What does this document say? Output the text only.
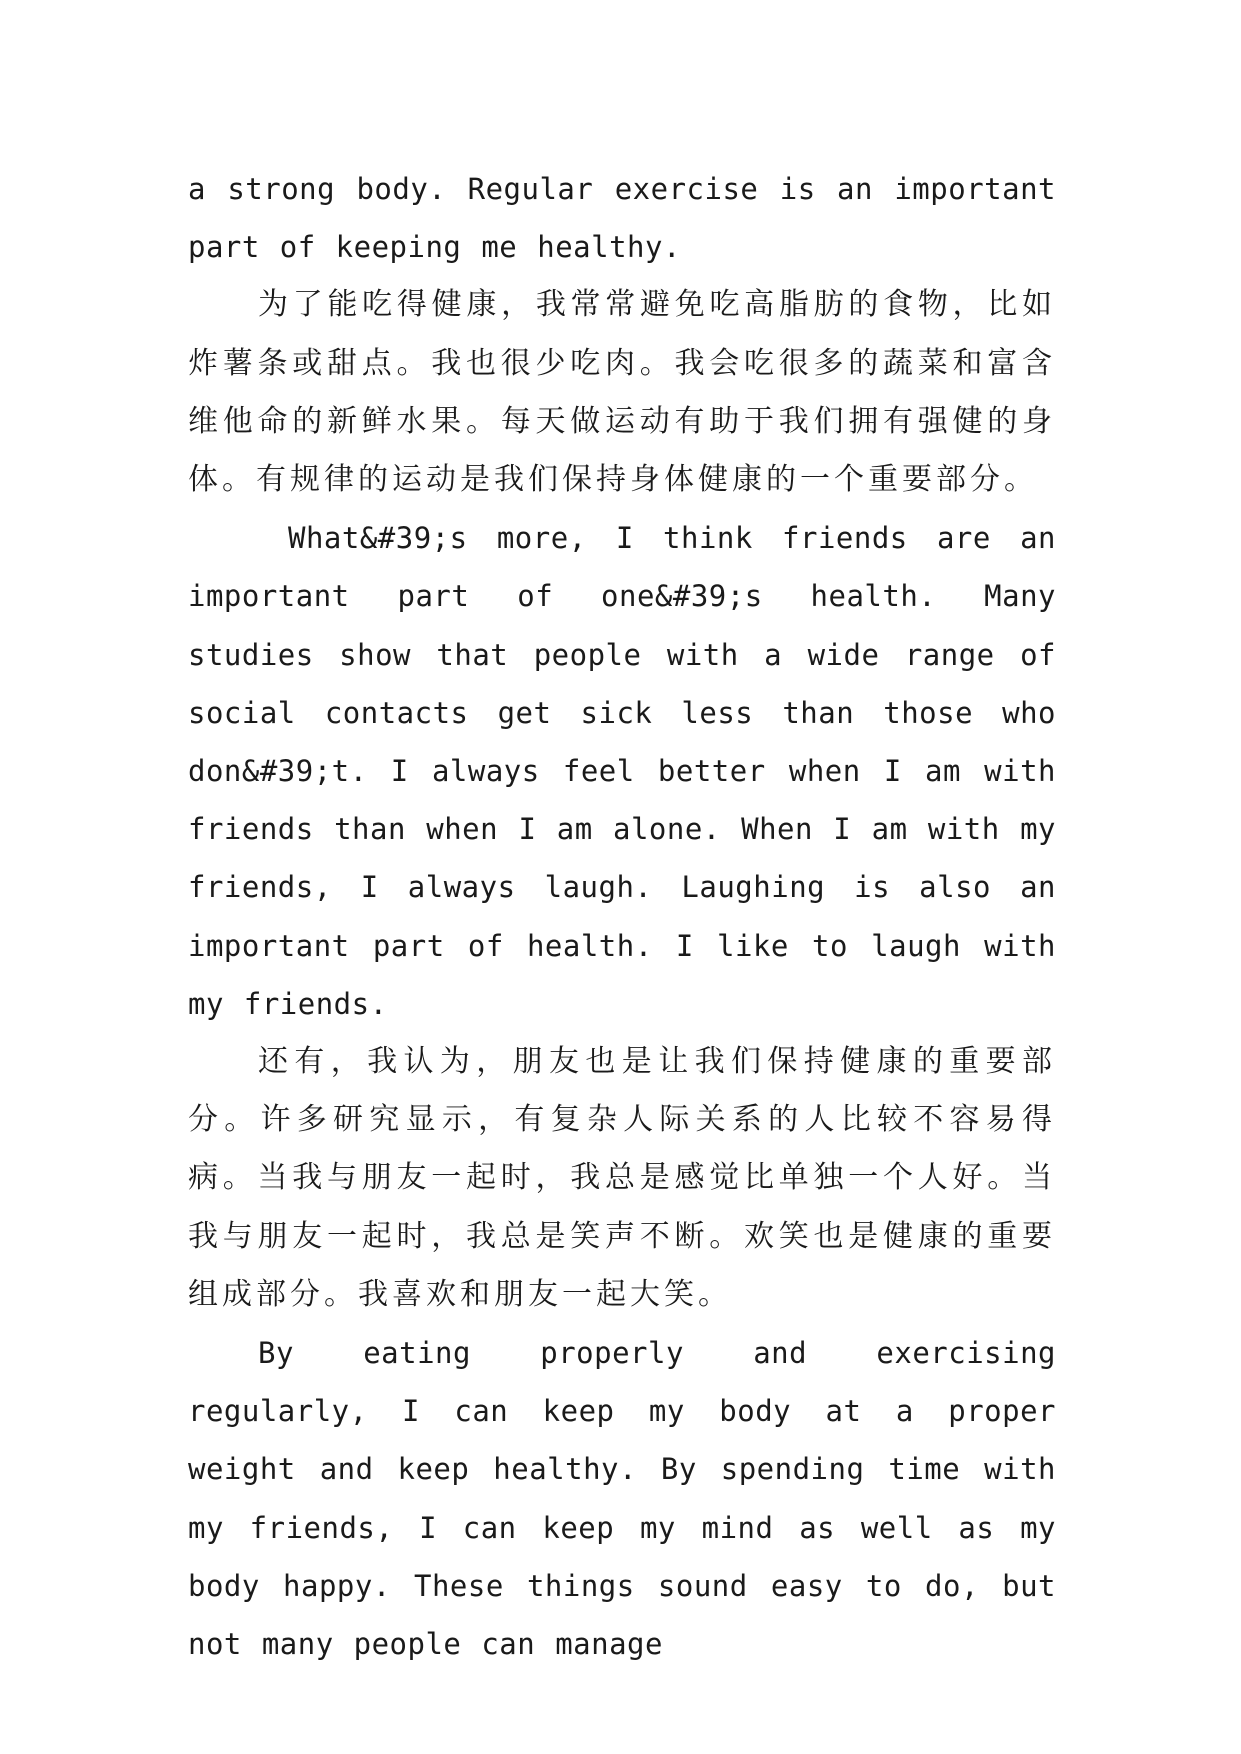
a strong body. Regular exercise is an important part of keeping me healthy.

为了能吃得健康，我常常避免吃高脂肪的食物，比如炸薯条或甜点。我也很少吃肉。我会吃很多的蔬菜和富含维他命的新鲜水果。每天做运动有助于我们拥有强健的身体。有规律的运动是我们保持身体健康的一个重要部分。

What&#39;s more, I think friends are an important part of one&#39;s health. Many studies show that people with a wide range of social contacts get sick less than those who don&#39;t. I always feel better when I am with friends than when I am alone. When I am with my friends, I always laugh. Laughing is also an important part of health. I like to laugh with my friends.

还有，我认为，朋友也是让我们保持健康的重要部分。许多研究显示，有复杂人际关系的人比较不容易得病。当我与朋友一起时，我总是感觉比单独一个人好。当我与朋友一起时，我总是笑声不断。欢笑也是健康的重要组成部分。我喜欢和朋友一起大笑。

By eating properly and exercising regularly, I can keep my body at a proper weight and keep healthy. By spending time with my friends, I can keep my mind as well as my body happy. These things sound easy to do, but not many people can manage
